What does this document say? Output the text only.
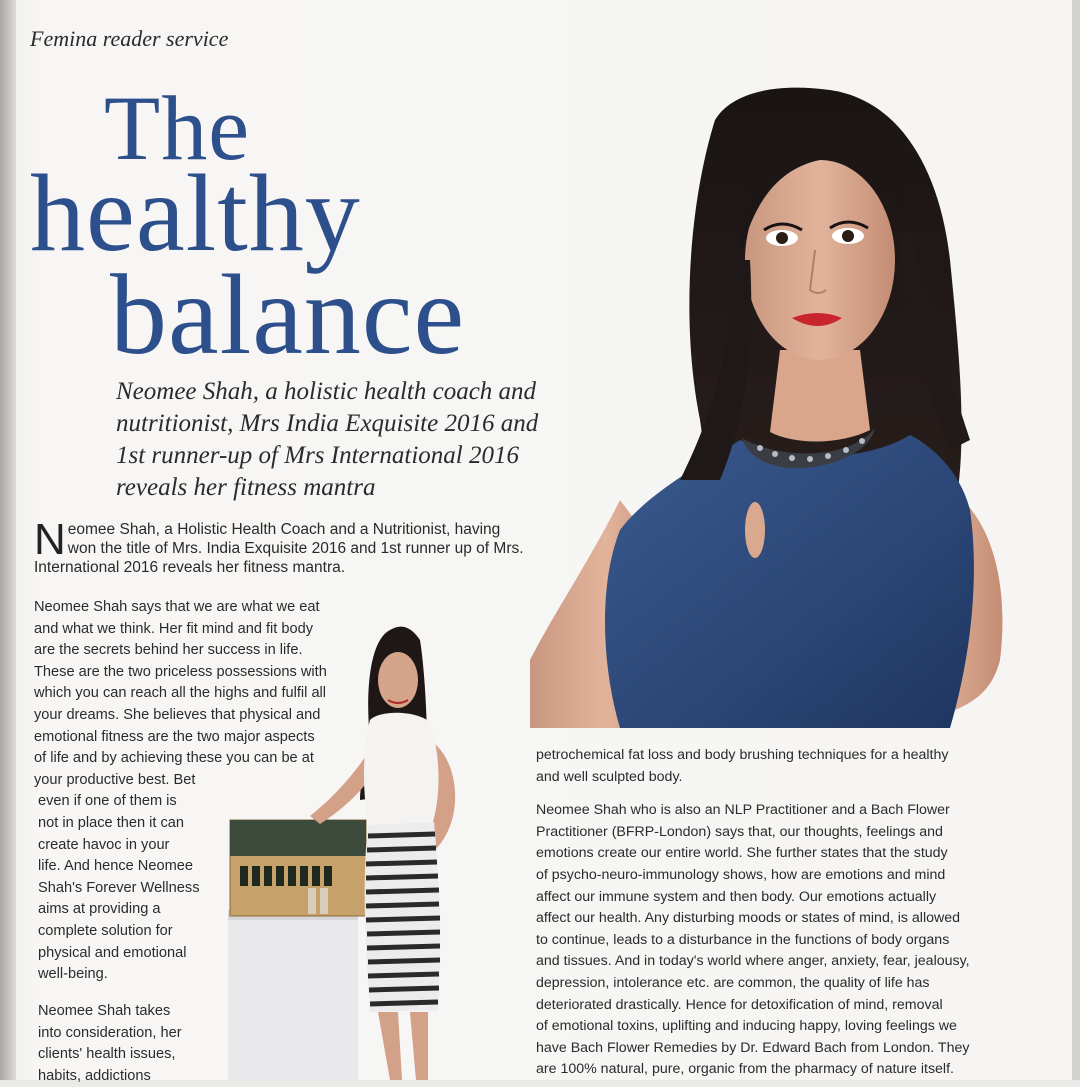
Femina reader service
The
healthy
balance
Neomee Shah, a holistic health coach and
nutritionist, Mrs India Exquisite 2016 and
1st runner-up of Mrs International 2016
reveals her fitness mantra
N eomee Shah, a Holistic Health Coach and a Nutritionist, having
won the title of Mrs. India Exquisite 2016 and 1st runner up of Mrs.
International 2016 reveals her fitness mantra.
Neomee Shah says that we are what we eat
and what we think. Her fit mind and fit body
are the secrets behind her success in life.
These are the two priceless possessions with
which you can reach all the highs and fulfil all
your dreams. She believes that physical and
emotional fitness are the two major aspects
of life and by achieving these you can be at
your productive best. Bet
even if one of them is
not in place then it can
create havoc in your
life. And hence Neomee
Shah's Forever Wellness
aims at providing a
complete solution for
physical and emotional
well-being.
Neomee Shah takes
into consideration, her
clients' health issues,
habits, addictions
petrochemical fat loss and body brushing techniques for a healthy
and well sculpted body.
Neomee Shah who is also an NLP Practitioner and a Bach Flower
Practitioner (BFRP-London) says that, our thoughts, feelings and
emotions create our entire world. She further states that the study
of psycho-neuro-immunology shows, how are emotions and mind
affect our immune system and then body. Our emotions actually
affect our health. Any disturbing moods or states of mind, is allowed
to continue, leads to a disturbance in the functions of body organs
and tissues. And in today's world where anger, anxiety, fear, jealousy,
depression, intolerance etc. are common, the quality of life has
deteriorated drastically. Hence for detoxification of mind, removal
of emotional toxins, uplifting and inducing happy, loving feelings we
have Bach Flower Remedies by Dr. Edward Bach from London. They
are 100% natural, pure, organic from the pharmacy of nature itself.
